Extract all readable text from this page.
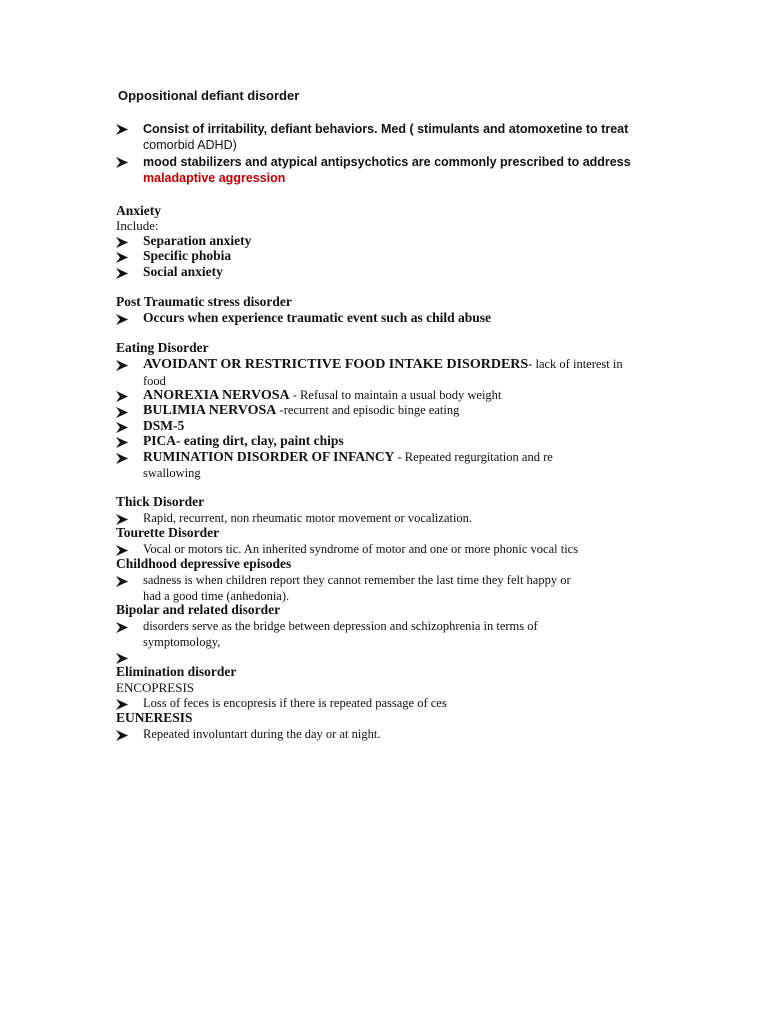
Oppositional defiant disorder
Consist of irritability, defiant behaviors. Med ( stimulants and atomoxetine to treat
comorbid ADHD)
mood stabilizers and atypical antipsychotics are commonly prescribed to address
maladaptive aggression
Anxiety
Include:
Separation anxiety
Specific phobia
Social anxiety
Post Traumatic stress disorder
Occurs when experience traumatic event such as child abuse
Eating Disorder
AVOIDANT OR RESTRICTIVE FOOD INTAKE DISORDERS- lack of interest in
food
ANOREXIA NERVOSA - Refusal to maintain a usual body weight
BULIMIA NERVOSA -recurrent and episodic binge eating
DSM-5
PICA- eating dirt, clay, paint chips
RUMINATION DISORDER OF INFANCY - Repeated regurgitation and re
swallowing
Thick Disorder
Rapid, recurrent, non rheumatic motor movement or vocalization.
Tourette Disorder
Vocal or motors tic. An inherited syndrome of motor and one or more phonic vocal tics
Childhood depressive episodes
sadness is when children report they cannot remember the last time they felt happy or
had a good time (anhedonia).
Bipolar and related disorder
disorders serve as the bridge between depression and schizophrenia in terms of
symptomology,
Elimination disorder
ENCOPRESIS
Loss of feces is encopresis if there is repeated passage of ces
EUNERESIS
Repeated involuntart during the day or at night.
